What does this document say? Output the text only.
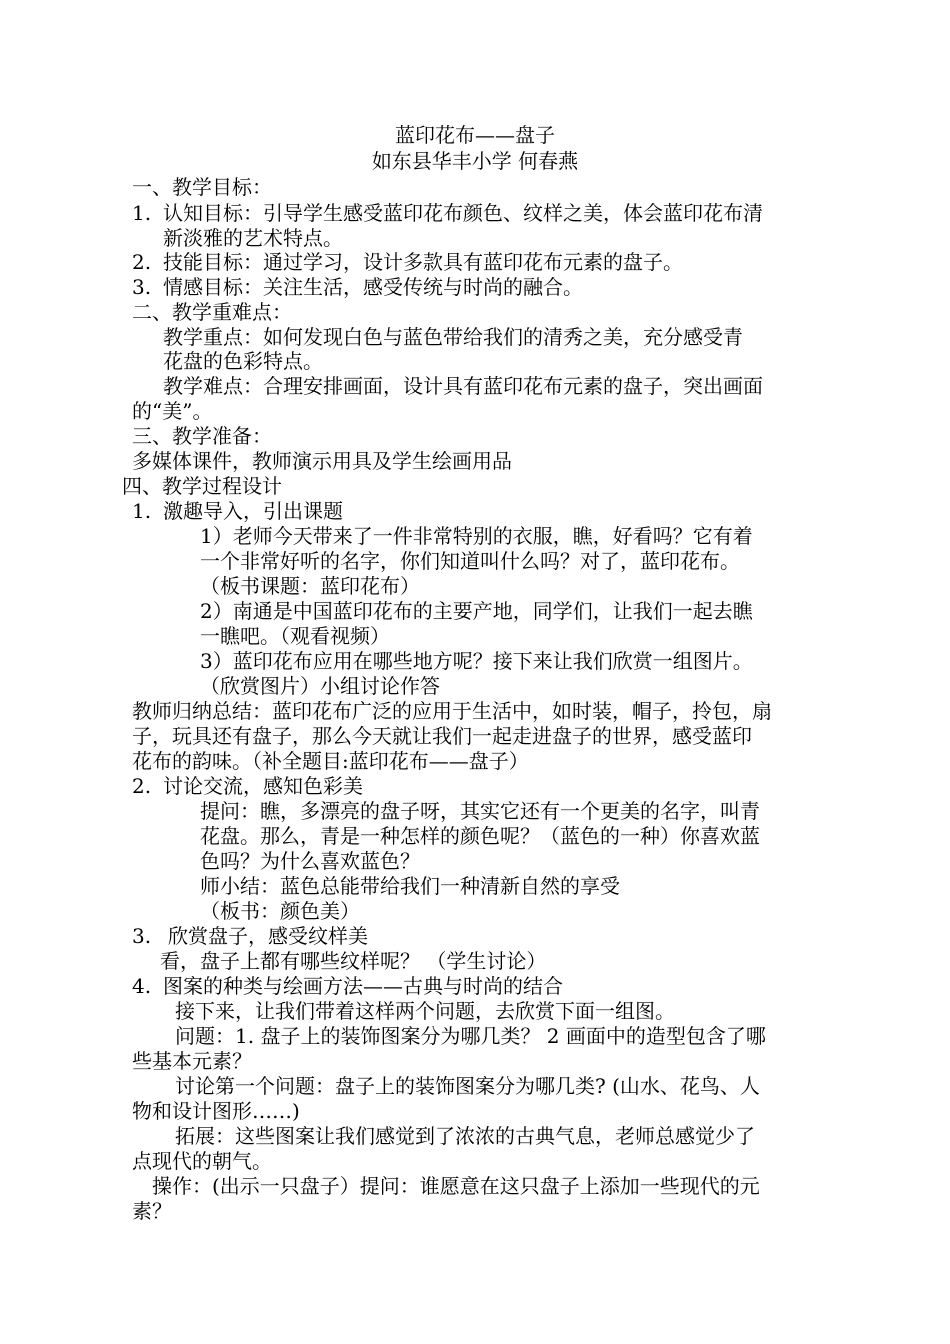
蓝印花布——盘子
如东县华丰小学 何春燕
一、教学目标：
1. 认知目标：引导学生感受蓝印花布颜色、纹样之美，体会蓝印花布清
新淡雅的艺术特点。
2. 技能目标：通过学习，设计多款具有蓝印花布元素的盘子。
3. 情感目标：关注生活，感受传统与时尚的融合。
二、教学重难点：
教学重点：如何发现白色与蓝色带给我们的清秀之美，充分感受青
花盘的色彩特点。
教学难点：合理安排画面，设计具有蓝印花布元素的盘子，突出画面
的“美”。
三、教学准备：
多媒体课件，教师演示用具及学生绘画用品
四、教学过程设计
1. 激趣导入，引出课题
1）老师今天带来了一件非常特别的衣服，瞧，好看吗？它有着
一个非常好听的名字，你们知道叫什么吗？对了，蓝印花布。
（板书课题：蓝印花布）
2）南通是中国蓝印花布的主要产地，同学们，让我们一起去瞧
一瞧吧。（观看视频）
3）蓝印花布应用在哪些地方呢？接下来让我们欣赏一组图片。
（欣赏图片）小组讨论作答
教师归纳总结：蓝印花布广泛的应用于生活中，如时装，帽子，拎包，扇
子，玩具还有盘子，那么今天就让我们一起走进盘子的世界，感受蓝印
花布的韵味。（补全题目:蓝印花布——盘子）
2. 讨论交流，感知色彩美
提问：瞧，多漂亮的盘子呀，其实它还有一个更美的名字，叫青
花盘。那么，青是一种怎样的颜色呢？（蓝色的一种）你喜欢蓝
色吗？为什么喜欢蓝色？
师小结：蓝色总能带给我们一种清新自然的享受
（板书：颜色美）
3. 欣赏盘子，感受纹样美
看，盘子上都有哪些纹样呢？ （学生讨论）
4. 图案的种类与绘画方法——古典与时尚的结合
接下来，让我们带着这样两个问题，去欣赏下面一组图。
问题：1. 盘子上的装饰图案分为哪几类？ 2 画面中的造型包含了哪
些基本元素？
讨论第一个问题：盘子上的装饰图案分为哪几类? (山水、花鸟、人
物和设计图形……)
拓展：这些图案让我们感觉到了浓浓的古典气息，老师总感觉少了
点现代的朝气。
操作：(出示一只盘子）提问：谁愿意在这只盘子上添加一些现代的元
素？
